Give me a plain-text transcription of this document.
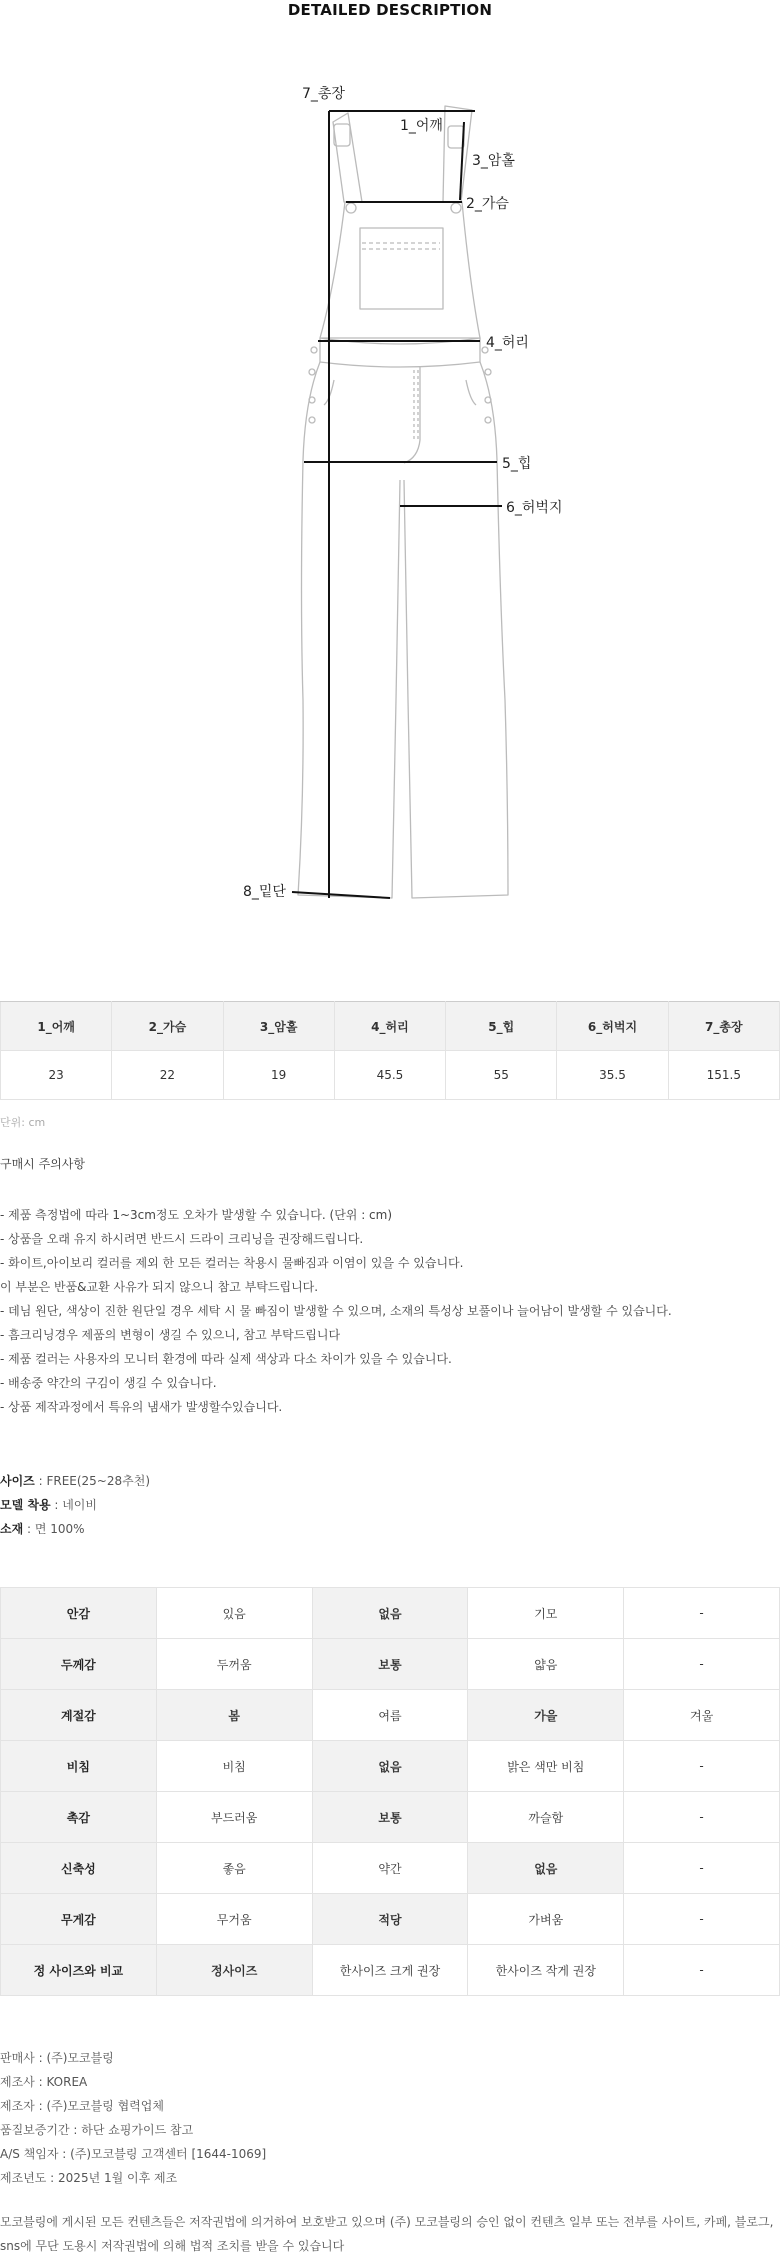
DETAILED DESCRIPTION
7_총장
1_어깨
3_암홀
2_가슴
4_허리
5_힙
6_허벅지
8_밑단
1_어깨	2_가슴	3_암홀	4_허리	5_힙	6_허벅지	7_총장
23	22	19	45.5	55	35.5	151.5
단위: cm
구매시 주의사항
- 제품 측정법에 따라 1~3cm정도 오차가 발생할 수 있습니다. (단위 : cm)
- 상품을 오래 유지 하시려면 반드시 드라이 크리닝을 권장해드립니다.
- 화이트,아이보리 컬러를 제외 한 모든 컬러는 착용시 물빠짐과 이염이 있을 수 있습니다.
이 부분은 반품&교환 사유가 되지 않으니 참고 부탁드립니다.
- 데님 원단, 색상이 진한 원단일 경우 세탁 시 물 빠짐이 발생할 수 있으며, 소재의 특성상 보풀이나 늘어남이 발생할 수 있습니다.
- 흠크리닝경우 제품의 변형이 생길 수 있으니, 참고 부탁드립니다
- 제품 컬러는 사용자의 모니터 환경에 따라 실제 색상과 다소 차이가 있을 수 있습니다.
- 배송중 약간의 구김이 생길 수 있습니다.
- 상품 제작과정에서 특유의 냄새가 발생할수있습니다.
사이즈 : FREE(25~28추천)
모델 착용 : 네이비
소재 : 면 100%
안감	있음	없음	기모	-
두께감	두꺼움	보통	얇음	-
계절감	봄	여름	가을	겨울
비침	비침	없음	밝은 색만 비침	-
촉감	부드러움	보통	까슬함	-
신축성	좋음	약간	없음	-
무게감	무거움	적당	가벼움	-
정 사이즈와 비교	정사이즈	한사이즈 크게 권장	한사이즈 작게 권장	-
판매사 : (주)모코블링
제조사 : KOREA
제조자 : (주)모코블링 협력업체
품질보증기간 : 하단 쇼핑가이드 참고
A/S 책임자 : (주)모코블링 고객센터 [1644-1069]
제조년도 : 2025년 1월 이후 제조
모코블링에 게시된 모든 컨텐츠들은 저작권법에 의거하여 보호받고 있으며 (주) 모코블링의 승인 없이 컨텐츠 일부 또는 전부를 사이트, 카페, 블로그, sns에 무단 도용시 저작권법에 의해 법적 조치를 받을 수 있습니다
